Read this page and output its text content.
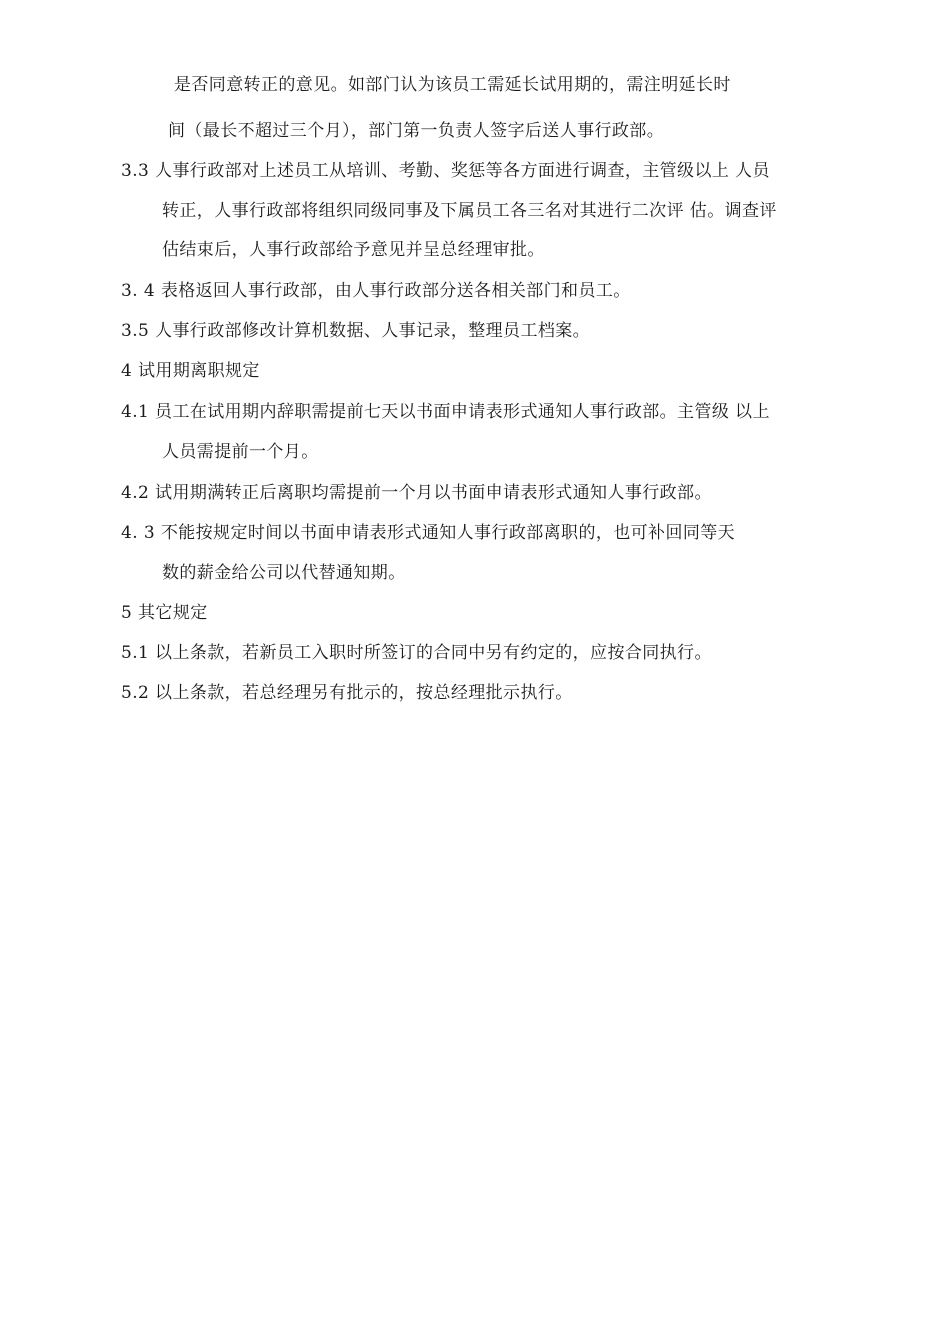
是否同意转正的意见。如部门认为该员工需延长试用期的，需注明延长时
间（最长不超过三个月），部门第一负责人签字后送人事行政部。
3.3 人事行政部对上述员工从培训、考勤、奖惩等各方面进行调查，主管级以上 人员
转正，人事行政部将组织同级同事及下属员工各三名对其进行二次评 估。调查评
估结束后，人事行政部给予意见并呈总经理审批。
3. 4 表格返回人事行政部，由人事行政部分送各相关部门和员工。
3.5 人事行政部修改计算机数据、人事记录，整理员工档案。
4 试用期离职规定
4.1 员工在试用期内辞职需提前七天以书面申请表形式通知人事行政部。主管级 以上
人员需提前一个月。
4.2 试用期满转正后离职均需提前一个月以书面申请表形式通知人事行政部。
4. 3 不能按规定时间以书面申请表形式通知人事行政部离职的，也可补回同等天
数的薪金给公司以代替通知期。
5 其它规定
5.1 以上条款，若新员工入职时所签订的合同中另有约定的，应按合同执行。
5.2 以上条款，若总经理另有批示的，按总经理批示执行。
